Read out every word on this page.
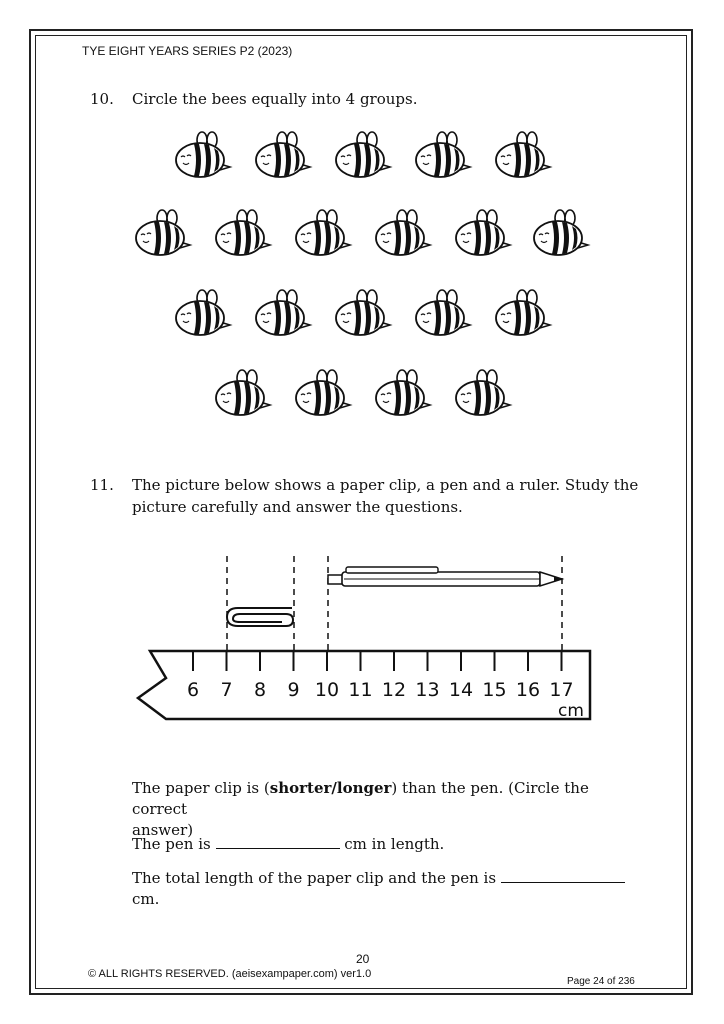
TYE EIGHT YEARS SERIES P2 (2023)
10. Circle the bees equally into 4 groups.
11. The picture below shows a paper clip, a pen and a ruler. Study the
picture carefully and answer the questions.
6 7 8 9 10 11 12 13 14 15 16 17
cm
The paper clip is (shorter/longer) than the pen. (Circle the correct
answer)
The pen is	cm in length.
The total length of the paper clip and the pen is  cm.
20
© ALL RIGHTS RESERVED. (aeisexampaper.com) ver1.0
Page 24 of 236
